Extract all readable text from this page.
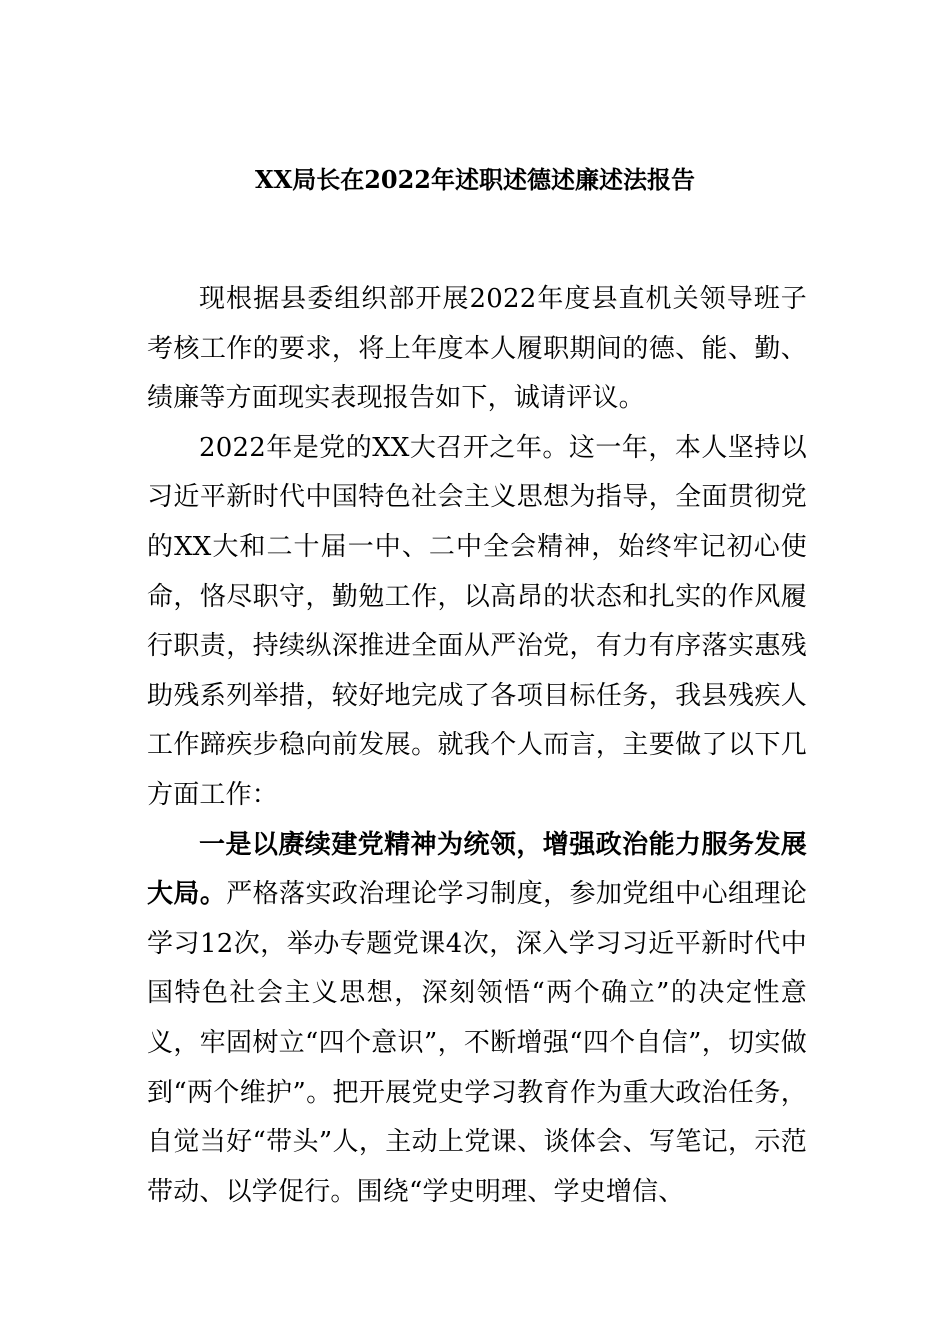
XX局长在2022年述职述德述廉述法报告

现根据县委组织部开展2022年度县直机关领导班子考核工作的要求，将上年度本人履职期间的德、能、勤、绩廉等方面现实表现报告如下，诚请评议。

2022年是党的XX大召开之年。这一年，本人坚持以习近平新时代中国特色社会主义思想为指导，全面贯彻党的XX大和二十届一中、二中全会精神，始终牢记初心使命，恪尽职守，勤勉工作，以高昂的状态和扎实的作风履行职责，持续纵深推进全面从严治党，有力有序落实惠残助残系列举措，较好地完成了各项目标任务，我县残疾人工作蹄疾步稳向前发展。就我个人而言，主要做了以下几方面工作：

一是以赓续建党精神为统领，增强政治能力服务发展大局。严格落实政治理论学习制度，参加党组中心组理论学习12次，举办专题党课4次，深入学习习近平新时代中国特色社会主义思想，深刻领悟“两个确立”的决定性意义，牢固树立“四个意识”，不断增强“四个自信”，切实做到“两个维护”。把开展党史学习教育作为重大政治任务，自觉当好“带头”人，主动上党课、谈体会、写笔记，示范带动、以学促行。围绕“学史明理、学史增信、
